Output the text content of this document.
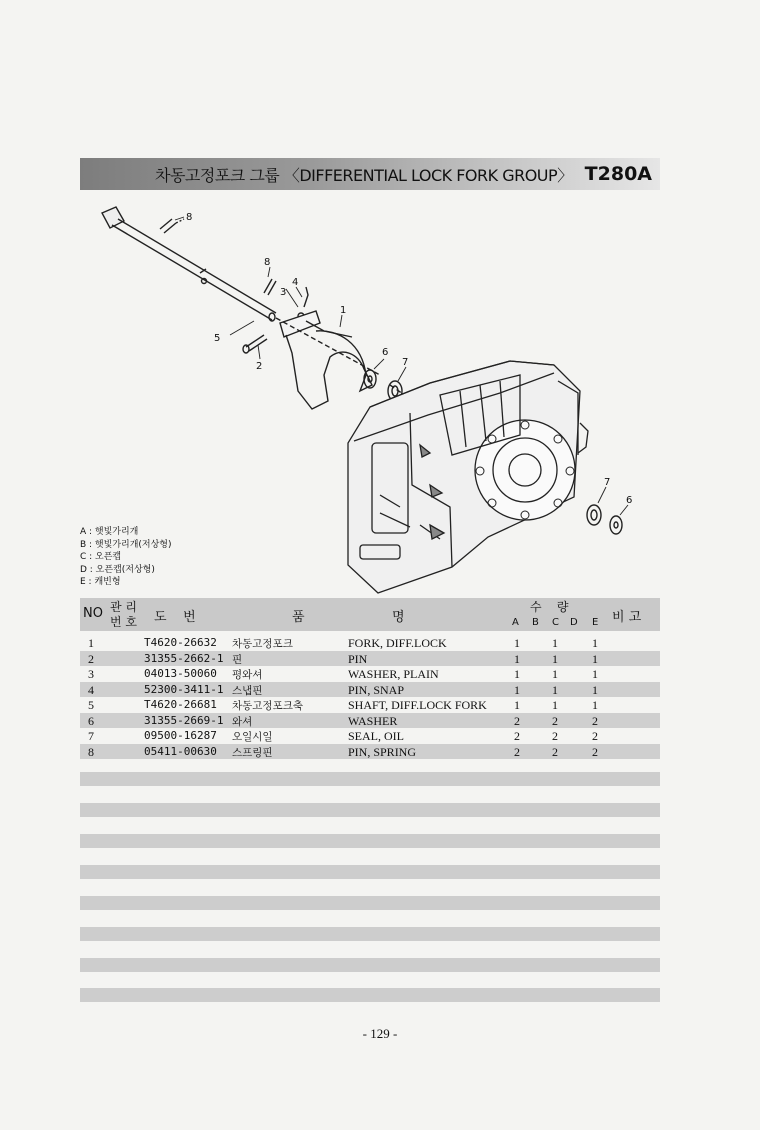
차동고정포크 그룹 〈DIFFERENTIAL LOCK FORK GROUP〉 T280A
8
8
4
3
1
5
2
6
7
7
6
A : 햇빛가리개
B : 햇빛가리개(저상형)
C : 오픈캡
D : 오픈캡(저상형)
E : 캐빈형
NO 관 리
번 호 도    번	품	명
수    량
A B C D E 비 고
1	T4620-26632 차동고정포크	FORK, DIFF.LOCK	1	1	1
2	31355-2662-1 핀	PIN	1	1	1
3	04013-50060 평와셔	WASHER, PLAIN	1	1	1
4	52300-3411-1 스냅핀	PIN, SNAP	1	1	1
5	T4620-26681 차동고정포크축	SHAFT, DIFF.LOCK FORK 1	1	1
6	31355-2669-1 와셔	WASHER	2	2	2
7	09500-16287 오일시일	SEAL, OIL	2	2	2
8	05411-00630 스프링핀	PIN, SPRING	2	2	2
- 129 -
